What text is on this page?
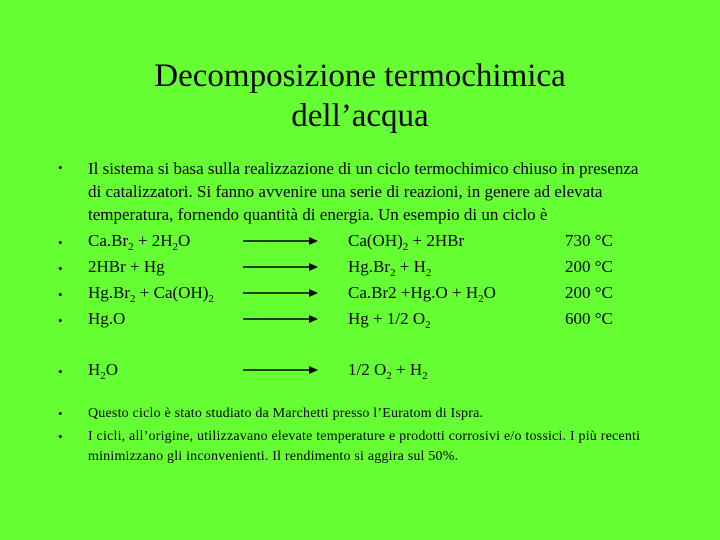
Decomposizione termochimica
dell’acqua
•
•
•
•
•
•
•
•
Il sistema si basa sulla realizzazione di un ciclo termochimico chiuso in presenza di catalizzatori. Si fanno avvenire una serie di reazioni, in genere ad elevata temperatura, fornendo quantità di energia. Un esempio di un ciclo è
$Ca.Br_2 + 2H_2O$	$Ca(OH)_2 + 2HBr$	730 °C
2HBr + Hg	$Hg.Br_2 + H_2$	200 °C
$Hg.Br_2 + Ca(OH)_2$	$Ca.Br2 +Hg.O + H_2O$	200 °C
Hg.O	Hg + 1/2 $O_2$	600 °C
$H_2O$	1/2 $O_2 + H_2$
Questo ciclo è stato studiato da Marchetti presso l’Euratom di Ispra.
I cicli, all’origine, utilizzavano elevate temperature e prodotti corrosivi e/o tossici. I più recenti minimizzano gli inconvenienti. Il rendimento si aggira sul 50%.
